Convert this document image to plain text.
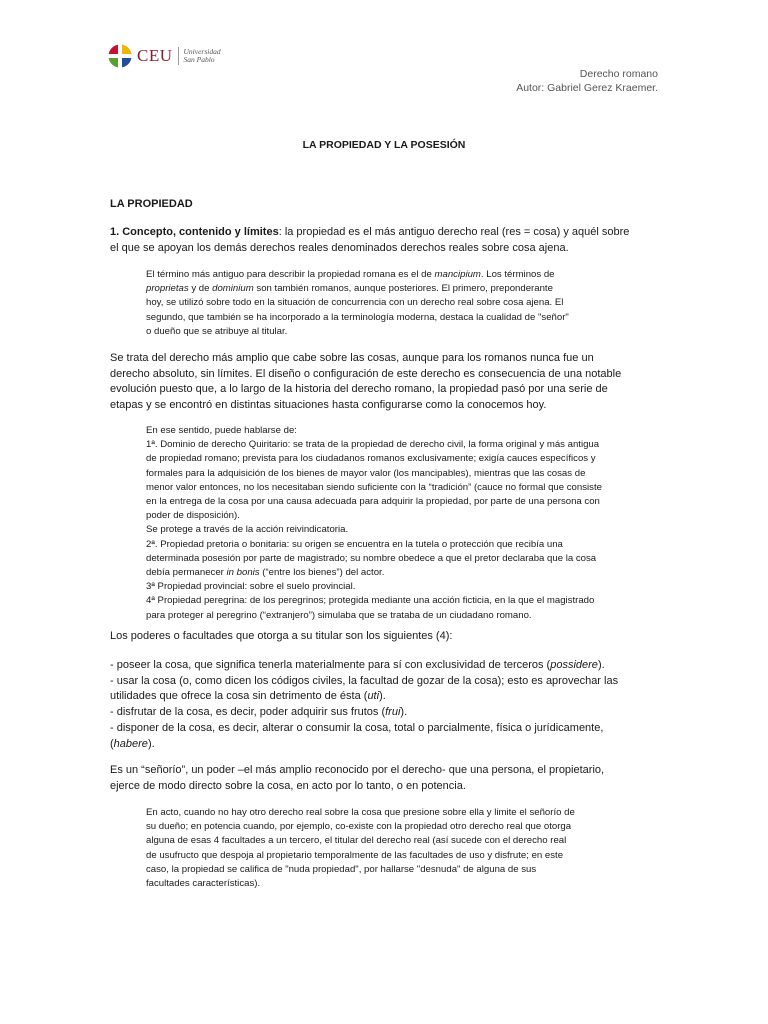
CEU Universidad
San Pablo
Derecho romano
Autor: Gabriel Gerez Kraemer.
LA PROPIEDAD Y LA POSESIÓN
LA PROPIEDAD
1. Concepto, contenido y límites: la propiedad es el más antiguo derecho real (res = cosa) y aquél sobre
el que se apoyan los demás derechos reales denominados derechos reales sobre cosa ajena.
El término más antiguo para describir la propiedad romana es el de mancipium. Los términos de
proprietas y de dominium son también romanos, aunque posteriores. El primero, preponderante
hoy, se utilizó sobre todo en la situación de concurrencia con un derecho real sobre cosa ajena. El
segundo, que también se ha incorporado a la terminología moderna, destaca la cualidad de "señor"
o dueño que se atribuye al titular.
Se trata del derecho más amplio que cabe sobre las cosas, aunque para los romanos nunca fue un
derecho absoluto, sin límites. El diseño o configuración de este derecho es consecuencia de una notable
evolución puesto que, a lo largo de la historia del derecho romano, la propiedad pasó por una serie de
etapas y se encontró en distintas situaciones hasta configurarse como la conocemos hoy.
En ese sentido, puede hablarse de:
1ª. Dominio de derecho Quiritario: se trata de la propiedad de derecho civil, la forma original y más antigua
de propiedad romano; prevista para los ciudadanos romanos exclusivamente; exigía cauces específicos y
formales para la adquisición de los bienes de mayor valor (los mancipables), mientras que las cosas de
menor valor entonces, no los necesitaban siendo suficiente con la “tradición” (cauce no formal que consiste
en la entrega de la cosa por una causa adecuada para adquirir la propiedad, por parte de una persona con
poder de disposición).
Se protege a través de la acción reivindicatoria.
2ª. Propiedad pretoria o bonitaria: su origen se encuentra en la tutela o protección que recibía una
determinada posesión por parte de magistrado; su nombre obedece a que el pretor declaraba que la cosa
debía permanecer in bonis (“entre los bienes”) del actor.
3ª Propiedad provincial: sobre el suelo provincial.
4ª Propiedad peregrina: de los peregrinos; protegida mediante una acción ficticia, en la que el magistrado
para proteger al peregrino (“extranjero”) simulaba que se trataba de un ciudadano romano.
Los poderes o facultades que otorga a su titular son los siguientes (4):
- poseer la cosa, que significa tenerla materialmente para sí con exclusividad de terceros (possidere).
- usar la cosa (o, como dicen los códigos civiles, la facultad de gozar de la cosa); esto es aprovechar las
utilidades que ofrece la cosa sin detrimento de ésta (uti).
- disfrutar de la cosa, es decir, poder adquirir sus frutos (frui).
- disponer de la cosa, es decir, alterar o consumir la cosa, total o parcialmente, física o jurídicamente,
(habere).
Es un “señorío”, un poder –el más amplio reconocido por el derecho- que una persona, el propietario,
ejerce de modo directo sobre la cosa, en acto por lo tanto, o en potencia.
En acto, cuando no hay otro derecho real sobre la cosa que presione sobre ella y limite el señorío de
su dueño; en potencia cuando, por ejemplo, co-existe con la propiedad otro derecho real que otorga
alguna de esas 4 facultades a un tercero, el titular del derecho real (así sucede con el derecho real
de usufructo que despoja al propietario temporalmente de las facultades de uso y disfrute; en este
caso, la propiedad se califica de "nuda propiedad", por hallarse "desnuda" de alguna de sus
facultades características).
